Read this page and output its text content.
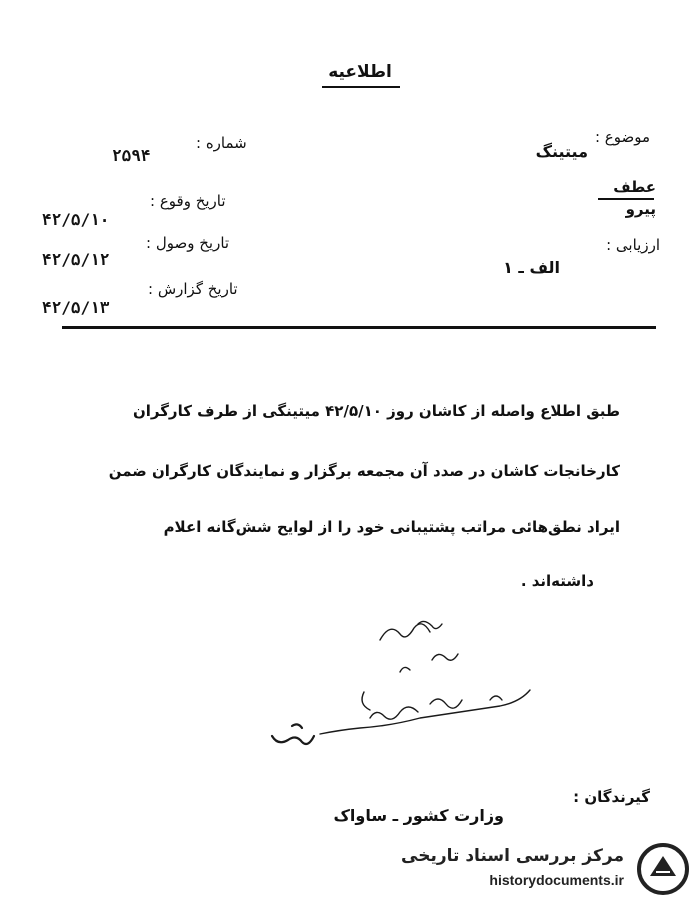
اطلاعیه
موضوع :
میتینگ
عطف
پیرو
ارزیابی :
الف ـ ۱
شماره :
۲۵۹۴
تاریخ وقوع :
۴۲/۵/۱۰
تاریخ وصول :
۴۲/۵/۱۲
تاریخ گزارش :
۴۲/۵/۱۳
طبق اطلاع واصله از کاشان روز ۴۲/۵/۱۰ میتینگی از طرف کارگران
کارخانجات کاشان در صدد آن مجمعه برگزار و نمایندگان کارگران ضمن
ایراد نطق‌هائی مراتب پشتیبانی خود را از لوایح شش‌گانه اعلام
داشته‌اند .
گیرندگان :
وزارت کشور ـ ساواک
مرکز بررسی اسناد تاریخی
historydocuments.ir
